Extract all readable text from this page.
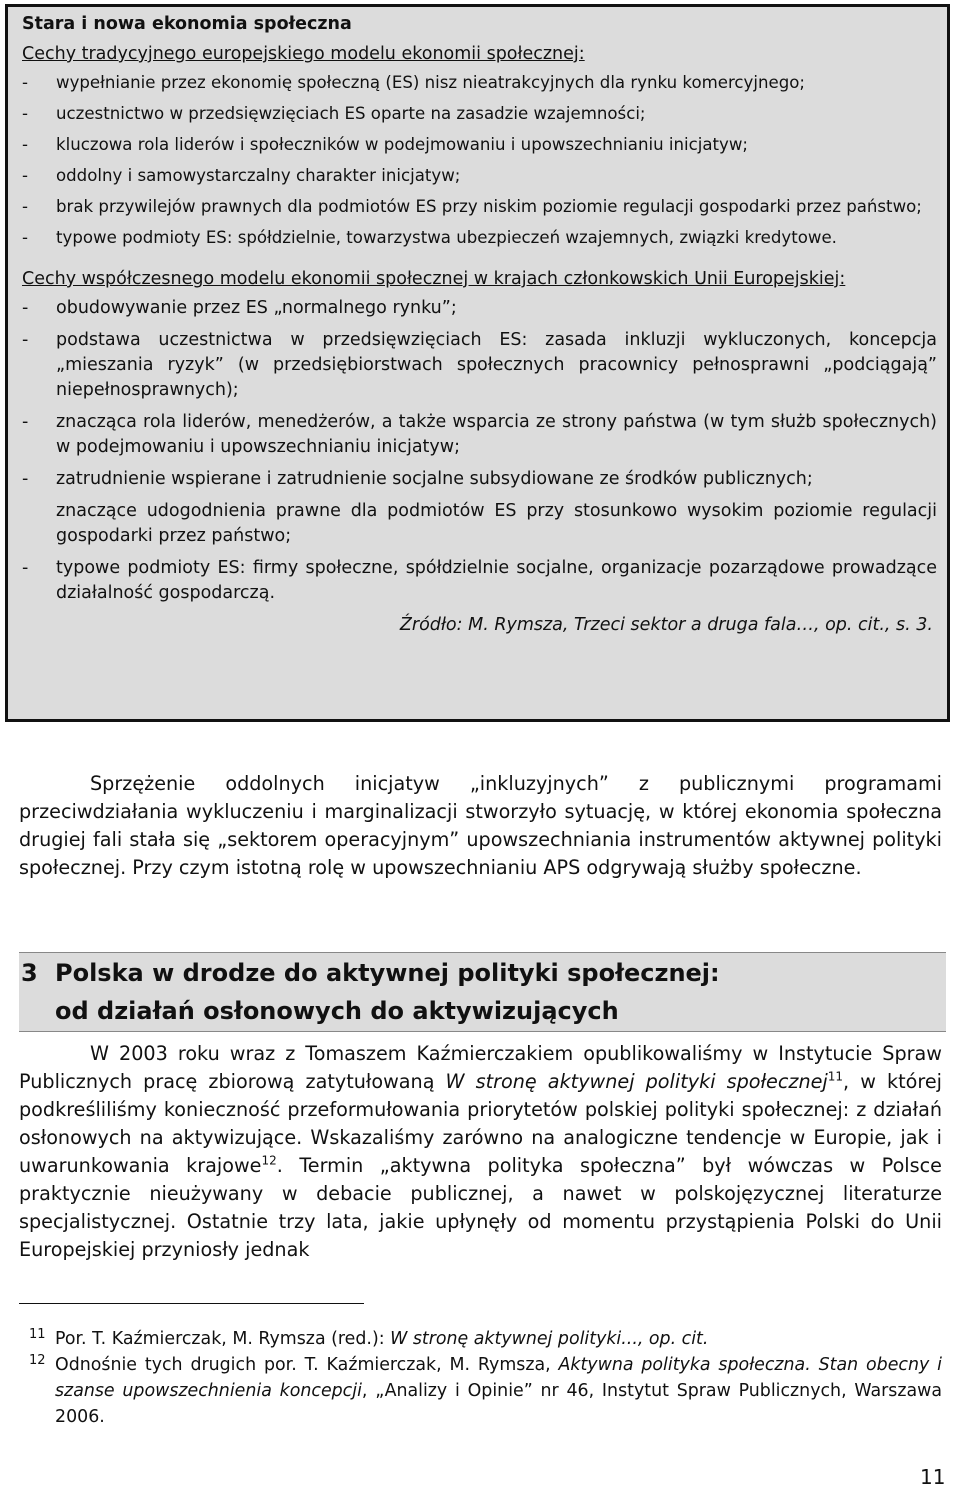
Stara i nowa ekonomia społeczna
Cechy tradycyjnego europejskiego modelu ekonomii społecznej:
- wypełnianie przez ekonomię społeczną (ES) nisz nieatrakcyjnych dla rynku komercyjnego;
- uczestnictwo w przedsięwzięciach ES oparte na zasadzie wzajemności;
- kluczowa rola liderów i społeczników w podejmowaniu i upowszechnianiu inicjatyw;
- oddolny i samowystarczalny charakter inicjatyw;
- brak przywilejów prawnych dla podmiotów ES przy niskim poziomie regulacji gospodarki przez państwo;
- typowe podmioty ES: spółdzielnie, towarzystwa ubezpieczeń wzajemnych, związki kredytowe.
Cechy współczesnego modelu ekonomii społecznej w krajach członkowskich Unii Europejskiej:
- obudowywanie przez ES „normalnego rynku”;
- podstawa uczestnictwa w przedsięwzięciach ES: zasada inkluzji wykluczonych, koncepcja „mieszania ryzyk” (w przedsiębiorstwach społecznych pracownicy pełnosprawni „podciągają” niepełnosprawnych);
- znacząca rola liderów, menedżerów, a także wsparcia ze strony państwa (w tym służb społecznych) w podejmowaniu i upowszechnianiu inicjatyw;
- zatrudnienie wspierane i zatrudnienie socjalne subsydiowane ze środków publicznych;
znaczące udogodnienia prawne dla podmiotów ES przy stosunkowo wysokim poziomie regulacji gospodarki przez państwo;
- typowe podmioty ES: firmy społeczne, spółdzielnie socjalne, organizacje pozarządowe prowadzące działalność gospodarczą.
Źródło: M. Rymsza, Trzeci sektor a druga fala…, op. cit., s. 3.

Sprzężenie oddolnych inicjatyw „inkluzyjnych” z publicznymi programami przeciwdziałania wykluczeniu i marginalizacji stworzyło sytuację, w której ekonomia społeczna drugiej fali stała się „sektorem operacyjnym” upowszechniania instrumentów aktywnej polityki społecznej. Przy czym istotną rolę w upowszechnianiu APS odgrywają służby społeczne.

3 Polska w drodze do aktywnej polityki społecznej:
od działań osłonowych do aktywizujących

W 2003 roku wraz z Tomaszem Kaźmierczakiem opublikowaliśmy w Instytucie Spraw Publicznych pracę zbiorową zatytułowaną W stronę aktywnej polityki społecznej$^{11}$, w której podkreśliliśmy konieczność przeformułowania priorytetów polskiej polityki społecznej: z działań osłonowych na aktywizujące. Wskazaliśmy zarówno na analogiczne tendencje w Europie, jak i uwarunkowania krajowe$^{12}$. Termin „aktywna polityka społeczna” był wówczas w Polsce praktycznie nieużywany w debacie publicznej, a nawet w polskojęzycznej literaturze specjalistycznej. Ostatnie trzy lata, jakie upłynęły od momentu przystąpienia Polski do Unii Europejskiej przyniosły jednak

11 Por. T. Kaźmierczak, M. Rymsza (red.): W stronę aktywnej polityki..., op. cit.
12 Odnośnie tych drugich por. T. Kaźmierczak, M. Rymsza, Aktywna polityka społeczna. Stan obecny i szanse upowszechnienia koncepcji, „Analizy i Opinie” nr 46, Instytut Spraw Publicznych, Warszawa 2006.
11
